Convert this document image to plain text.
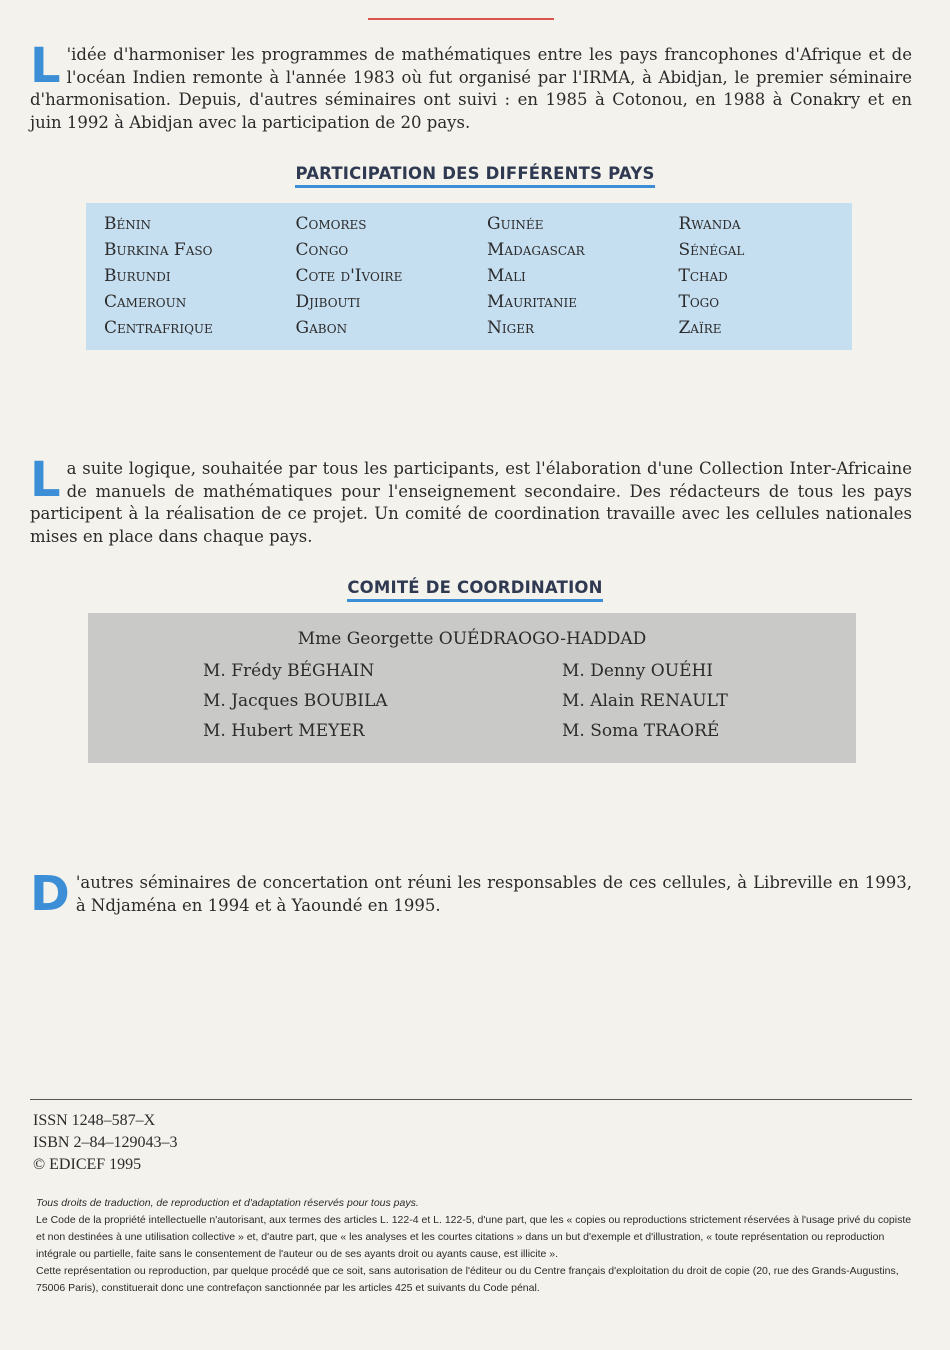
L 'idée d'harmoniser les programmes de mathématiques entre les pays francophones d'Afrique et de l'océan Indien remonte à l'année 1983 où fut organisé par l'IRMA, à Abidjan, le premier séminaire d'harmonisation. Depuis, d'autres séminaires ont suivi : en 1985 à Cotonou, en 1988 à Conakry et en juin 1992 à Abidjan avec la participation de 20 pays.
PARTICIPATION DES DIFFÉRENTS PAYS
Bénin
Burkina Faso
Burundi
Cameroun
Centrafrique
Comores
Congo
Cote d'Ivoire
Djibouti
Gabon
Guinée
Madagascar
Mali
Mauritanie
Niger
Rwanda
Sénégal
Tchad
Togo
Zaïre
La suite logique, souhaitée par tous les participants, est l'élaboration d'une Collection Inter-Africaine de manuels de mathématiques pour l'enseignement secondaire. Des rédacteurs de tous les pays participent à la réalisation de ce projet. Un comité de coordination travaille avec les cellules nationales mises en place dans chaque pays.
COMITÉ DE COORDINATION
Mme Georgette OUÉDRAOGO-HADDAD
M. Frédy BÉGHAIN
M. Jacques BOUBILA
M. Hubert MEYER
M. Denny OUÉHI
M. Alain RENAULT
M. Soma TRAORÉ
D 'autres séminaires de concertation ont réuni les responsables de ces cellules, à Libreville en 1993, à Ndjaména en 1994 et à Yaoundé en 1995.
ISSN 1248–587–X
ISBN 2–84–129043–3
© EDICEF 1995
Tous droits de traduction, de reproduction et d'adaptation réservés pour tous pays.
Le Code de la propriété intellectuelle n'autorisant, aux termes des articles L. 122-4 et L. 122-5, d'une part, que les « copies ou reproductions strictement réservées à l'usage privé du copiste et non destinées à une utilisation collective » et, d'autre part, que « les analyses et les courtes citations » dans un but d'exemple et d'illustration, « toute représentation ou reproduction intégrale ou partielle, faite sans le consentement de l'auteur ou de ses ayants droit ou ayants cause, est illicite ».
Cette représentation ou reproduction, par quelque procédé que ce soit, sans autorisation de l'éditeur ou du Centre français d'exploitation du droit de copie (20, rue des Grands-Augustins, 75006 Paris), constituerait donc une contrefaçon sanctionnée par les articles 425 et suivants du Code pénal.
